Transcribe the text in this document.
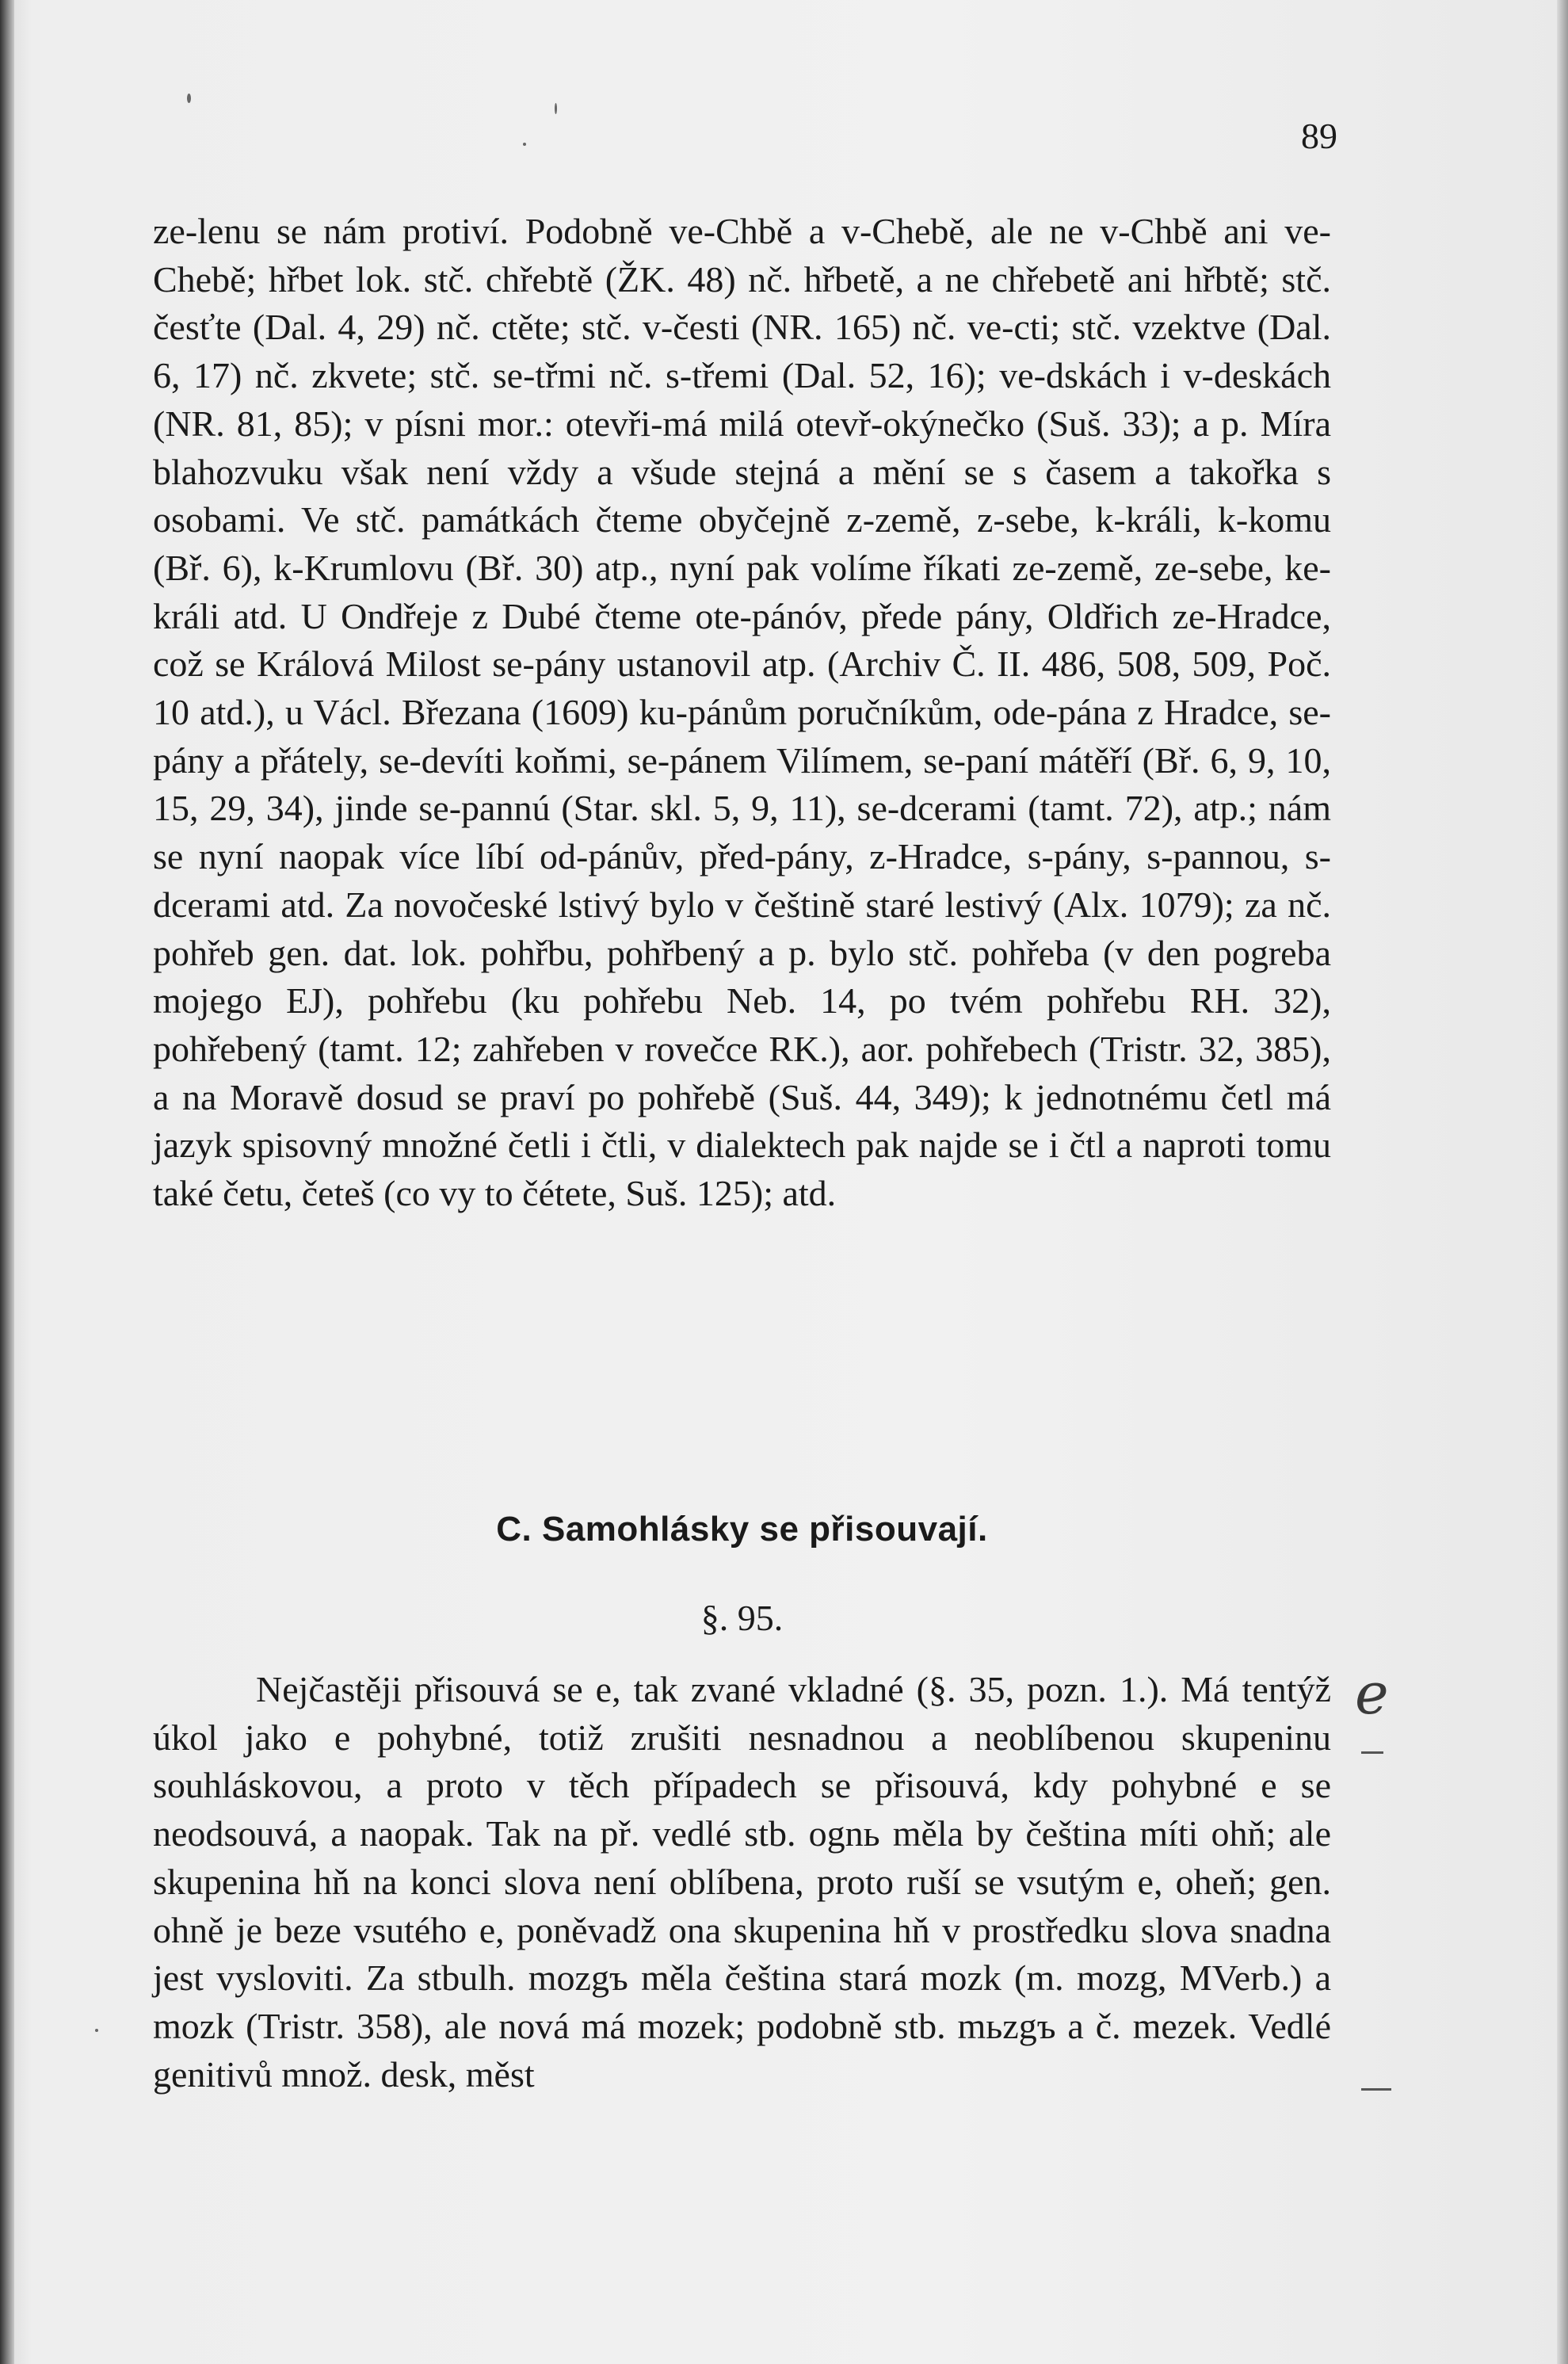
89

ze-lenu se nám protiví. Podobně ve-Chbě a v-Chebě, ale ne v-Chbě ani ve-Chebě; hřbet lok. stč. chřebtě (ŽK. 48) nč. hřbetě, a ne chřebetě ani hřbtě; stč. česťte (Dal. 4, 29) nč. ctěte; stč. v-česti (NR. 165) nč. ve-cti; stč. vzektve (Dal. 6, 17) nč. zkvete; stč. se-třmi nč. s-třemi (Dal. 52, 16); ve-dskách i v-deskách (NR. 81, 85); v písni mor.: otevři-má milá otevř-okýnečko (Suš. 33); a p. Míra blahozvuku však není vždy a všude stejná a mění se s časem a takořka s osobami. Ve stč. památkách čteme obyčejně z-země, z-sebe, k-králi, k-komu (Bř. 6), k-Krumlovu (Bř. 30) atp., nyní pak volíme říkati ze-země, ze-sebe, ke-králi atd. U Ondřeje z Dubé čteme ote-pánóv, přede pány, Oldřich ze-Hradce, což se Králová Milost se-pány ustanovil atp. (Archiv Č. II. 486, 508, 509, Poč. 10 atd.), u Václ. Březana (1609) ku-pánům poručníkům, ode-pána z Hradce, se-pány a přátely, se-devíti koňmi, se-pánem Vilímem, se-paní mátěří (Bř. 6, 9, 10, 15, 29, 34), jinde se-pannú (Star. skl. 5, 9, 11), se-dcerami (tamt. 72), atp.; nám se nyní naopak více líbí od-pánův, před-pány, z-Hradce, s-pány, s-pannou, s-dcerami atd. Za novočeské lstivý bylo v češtině staré lestivý (Alx. 1079); za nč. pohřeb gen. dat. lok. pohřbu, pohřbený a p. bylo stč. pohřeba (v den pogreba mojego EJ), pohřebu (ku pohřebu Neb. 14, po tvém pohřebu RH. 32), pohřebený (tamt. 12; zahřeben v rovečce RK.), aor. pohřebech (Tristr. 32, 385), a na Moravě dosud se praví po pohřebě (Suš. 44, 349); k jednotnému četl má jazyk spisovný množné četli i čtli, v dialektech pak najde se i čtl a naproti tomu také četu, četeš (co vy to čétete, Suš. 125); atd.

C. Samohlásky se přisouvají.
§. 95.

Nejčastěji přisouvá se e, tak zvané vkladné (§. 35, pozn. 1.). Má tentýž úkol jako e pohybné, totiž zrušiti nesnadnou a neoblíbenou skupeninu souhláskovou, a proto v těch případech se přisouvá, kdy pohybné e se neodsouvá, a naopak. Tak na př. vedlé stb. ognь měla by čeština míti ohň; ale skupenina hň na konci slova není oblíbena, proto ruší se vsutým e, oheň; gen. ohně je beze vsutého e, poněvadž ona skupenina hň v prostředku slova snadna jest vysloviti. Za stbulh. mozgъ měla čeština stará mozk (m. mozg, MVerb.) a mozk (Tristr. 358), ale nová má mozek; podobně stb. mьzgъ a č. mezek. Vedlé genitivů množ. desk, měst

e
